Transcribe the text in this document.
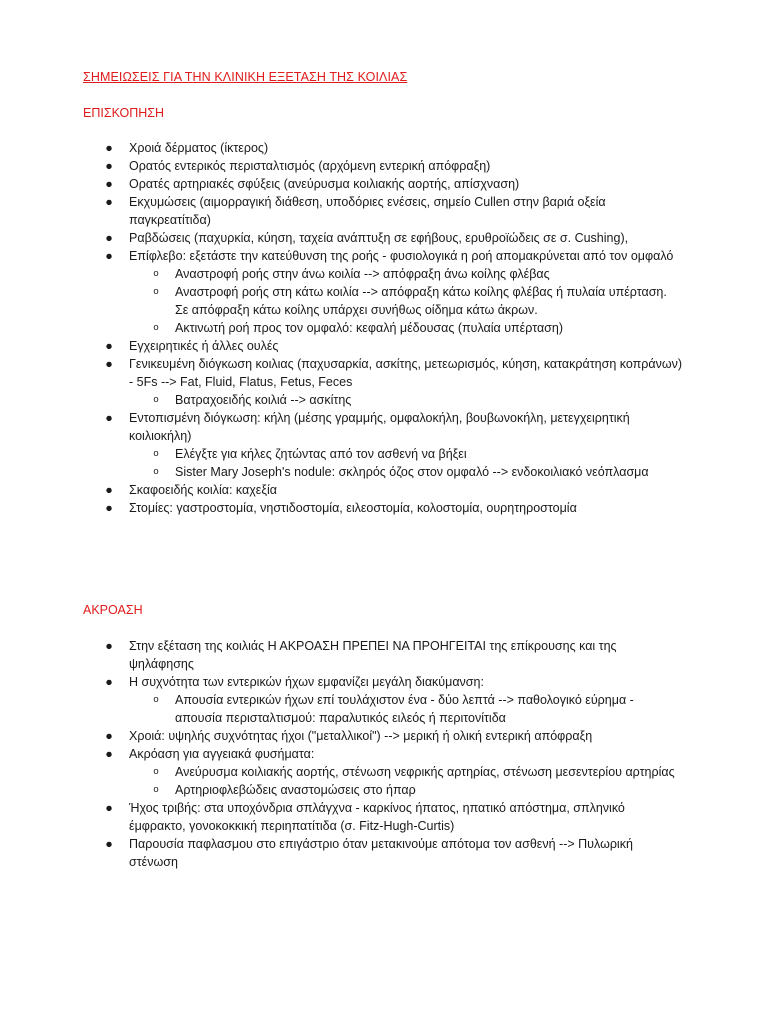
ΣΗΜΕΙΩΣΕΙΣ ΓΙΑ ΤΗΝ ΚΛΙΝΙΚΗ ΕΞΕΤΑΣΗ ΤΗΣ ΚΟΙΛΙΑΣ
ΕΠΙΣΚΟΠΗΣΗ
● Χροιά δέρματος (ίκτερος)
● Ορατός εντερικός περισταλτισμός (αρχόμενη εντερική απόφραξη)
● Ορατές αρτηριακές σφύξεις (ανεύρυσμα κοιλιακής αορτής, απίσχναση)
● Εκχυμώσεις (αιμορραγική διάθεση, υποδόριες ενέσεις, σημείο Cullen στην βαριά οξεία παγκρεατίτιδα)
● Ραβδώσεις (παχυρκία, κύηση, ταχεία ανάπτυξη σε εφήβους, ερυθροϊώδεις σε σ. Cushing),
● Επίφλεβο: εξετάστε την κατεύθυνση της ροής - φυσιολογικά η ροή απομακρύνεται από τον ομφαλό
o Αναστροφή ροής στην άνω κοιλία --> απόφραξη άνω κοίλης φλέβας
o Αναστροφή ροής στη κάτω κοιλία --> απόφραξη κάτω κοίλης φλέβας ή πυλαία υπέρταση. Σε απόφραξη κάτω κοίλης υπάρχει συνήθως οίδημα κάτω άκρων.
o Ακτινωτή ροή προς τον ομφαλό: κεφαλή μέδουσας (πυλαία υπέρταση)
● Εγχειρητικές ή άλλες ουλές
● Γενικευμένη διόγκωση κοιλιας (παχυσαρκία, ασκίτης, μετεωρισμός, κύηση, κατακράτηση κοπράνων) - 5Fs --> Fat, Fluid, Flatus, Fetus, Feces
o Βατραχοειδής κοιλιά --> ασκίτης
● Εντοπισμένη διόγκωση: κήλη (μέσης γραμμής, ομφαλοκήλη, βουβωνοκήλη, μετεγχειρητική κοιλιοκήλη)
o Ελέγξτε για κήλες ζητώντας από τον ασθενή να βήξει
o Sister Mary Joseph's nodule: σκληρός όζος στον ομφαλό --> ενδοκοιλιακό νεόπλασμα
● Σκαφοειδής κοιλία: καχεξία
● Στομίες: γαστροστομία, νηστιδοστομία, ειλεοστομία, κολοστομία, ουρητηροστομία
ΑΚΡΟΑΣΗ
● Στην εξέταση της κοιλιάς Η ΑΚΡΟΑΣΗ ΠΡΕΠΕΙ ΝΑ ΠΡΟΗΓΕΙΤΑΙ της επίκρουσης και της ψηλάφησης
● Η συχνότητα των εντερικών ήχων εμφανίζει μεγάλη διακύμανση:
o Απουσία εντερικών ήχων επί τουλάχιστον ένα - δύο λεπτά --> παθολογικό εύρημα - απουσία περισταλτισμού: παραλυτικός ειλεός ή περιτονίτιδα
● Χροιά: υψηλής συχνότητας ήχοι ("μεταλλικοί") --> μερική ή ολική εντερική απόφραξη
● Ακρόαση για αγγειακά φυσήματα:
o Ανεύρυσμα κοιλιακής αορτής, στένωση νεφρικής αρτηρίας, στένωση μεσεντερίου αρτηρίας
o Αρτηριοφλεβώδεις αναστομώσεις στο ήπαρ
● Ήχος τριβής: στα υποχόνδρια σπλάγχνα - καρκίνος ήπατος, ηπατικό απόστημα, σπληνικό έμφρακτο, γονοκοκκική περιηπατίτιδα (σ. Fitz-Hugh-Curtis)
● Παρουσία παφλασμου στο επιγάστριο όταν μετακινούμε απότομα τον ασθενή --> Πυλωρική στένωση
